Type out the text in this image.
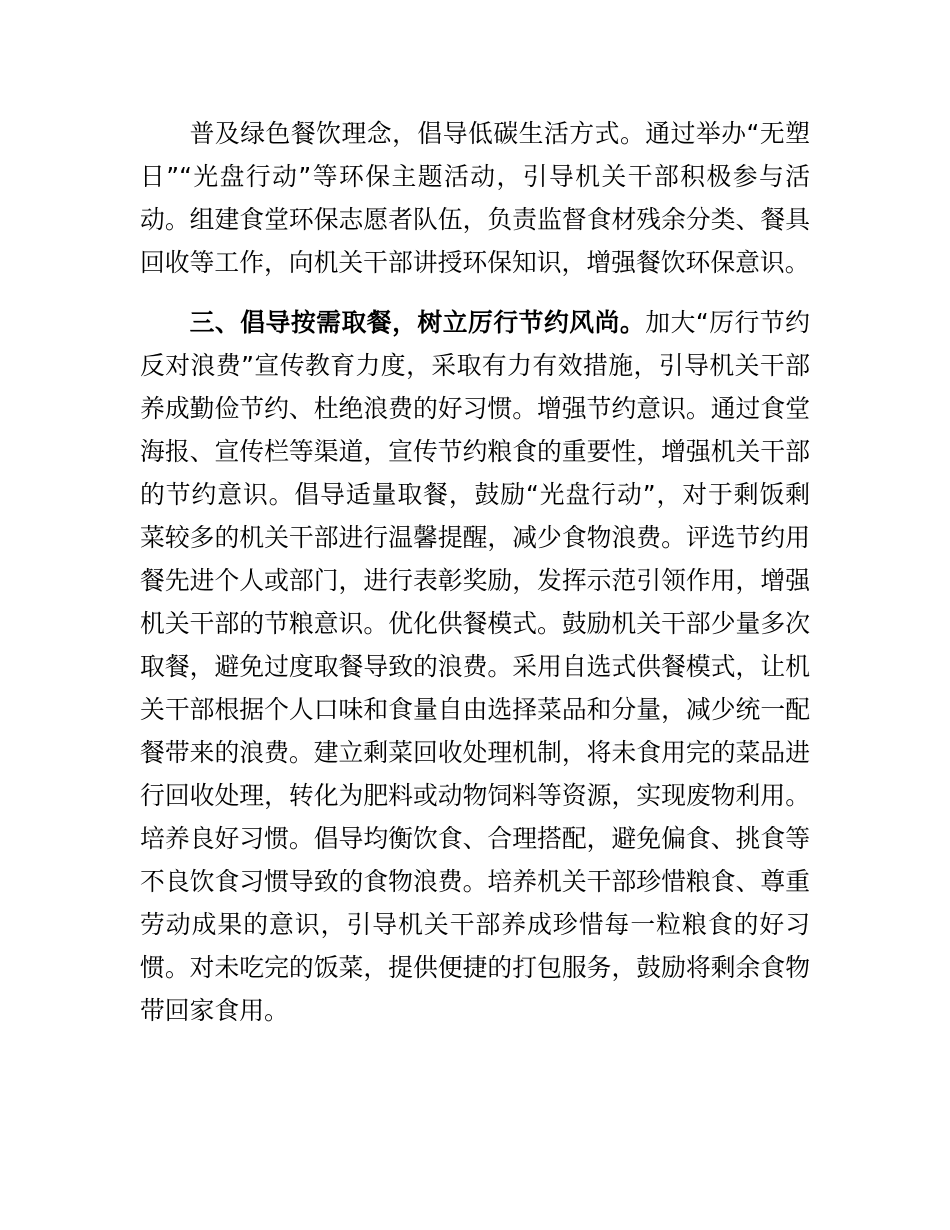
普及绿色餐饮理念，倡导低碳生活方式。通过举办“无塑日”“光盘行动”等环保主题活动，引导机关干部积极参与活动。组建食堂环保志愿者队伍，负责监督食材残余分类、餐具回收等工作，向机关干部讲授环保知识，增强餐饮环保意识。

三、倡导按需取餐，树立厉行节约风尚。加大“厉行节约反对浪费”宣传教育力度，采取有力有效措施，引导机关干部养成勤俭节约、杜绝浪费的好习惯。增强节约意识。通过食堂海报、宣传栏等渠道，宣传节约粮食的重要性，增强机关干部的节约意识。倡导适量取餐，鼓励“光盘行动”，对于剩饭剩菜较多的机关干部进行温馨提醒，减少食物浪费。评选节约用餐先进个人或部门，进行表彰奖励，发挥示范引领作用，增强机关干部的节粮意识。优化供餐模式。鼓励机关干部少量多次取餐，避免过度取餐导致的浪费。采用自选式供餐模式，让机关干部根据个人口味和食量自由选择菜品和分量，减少统一配餐带来的浪费。建立剩菜回收处理机制，将未食用完的菜品进行回收处理，转化为肥料或动物饲料等资源，实现废物利用。培养良好习惯。倡导均衡饮食、合理搭配，避免偏食、挑食等不良饮食习惯导致的食物浪费。培养机关干部珍惜粮食、尊重劳动成果的意识，引导机关干部养成珍惜每一粒粮食的好习惯。对未吃完的饭菜，提供便捷的打包服务，鼓励将剩余食物带回家食用。
